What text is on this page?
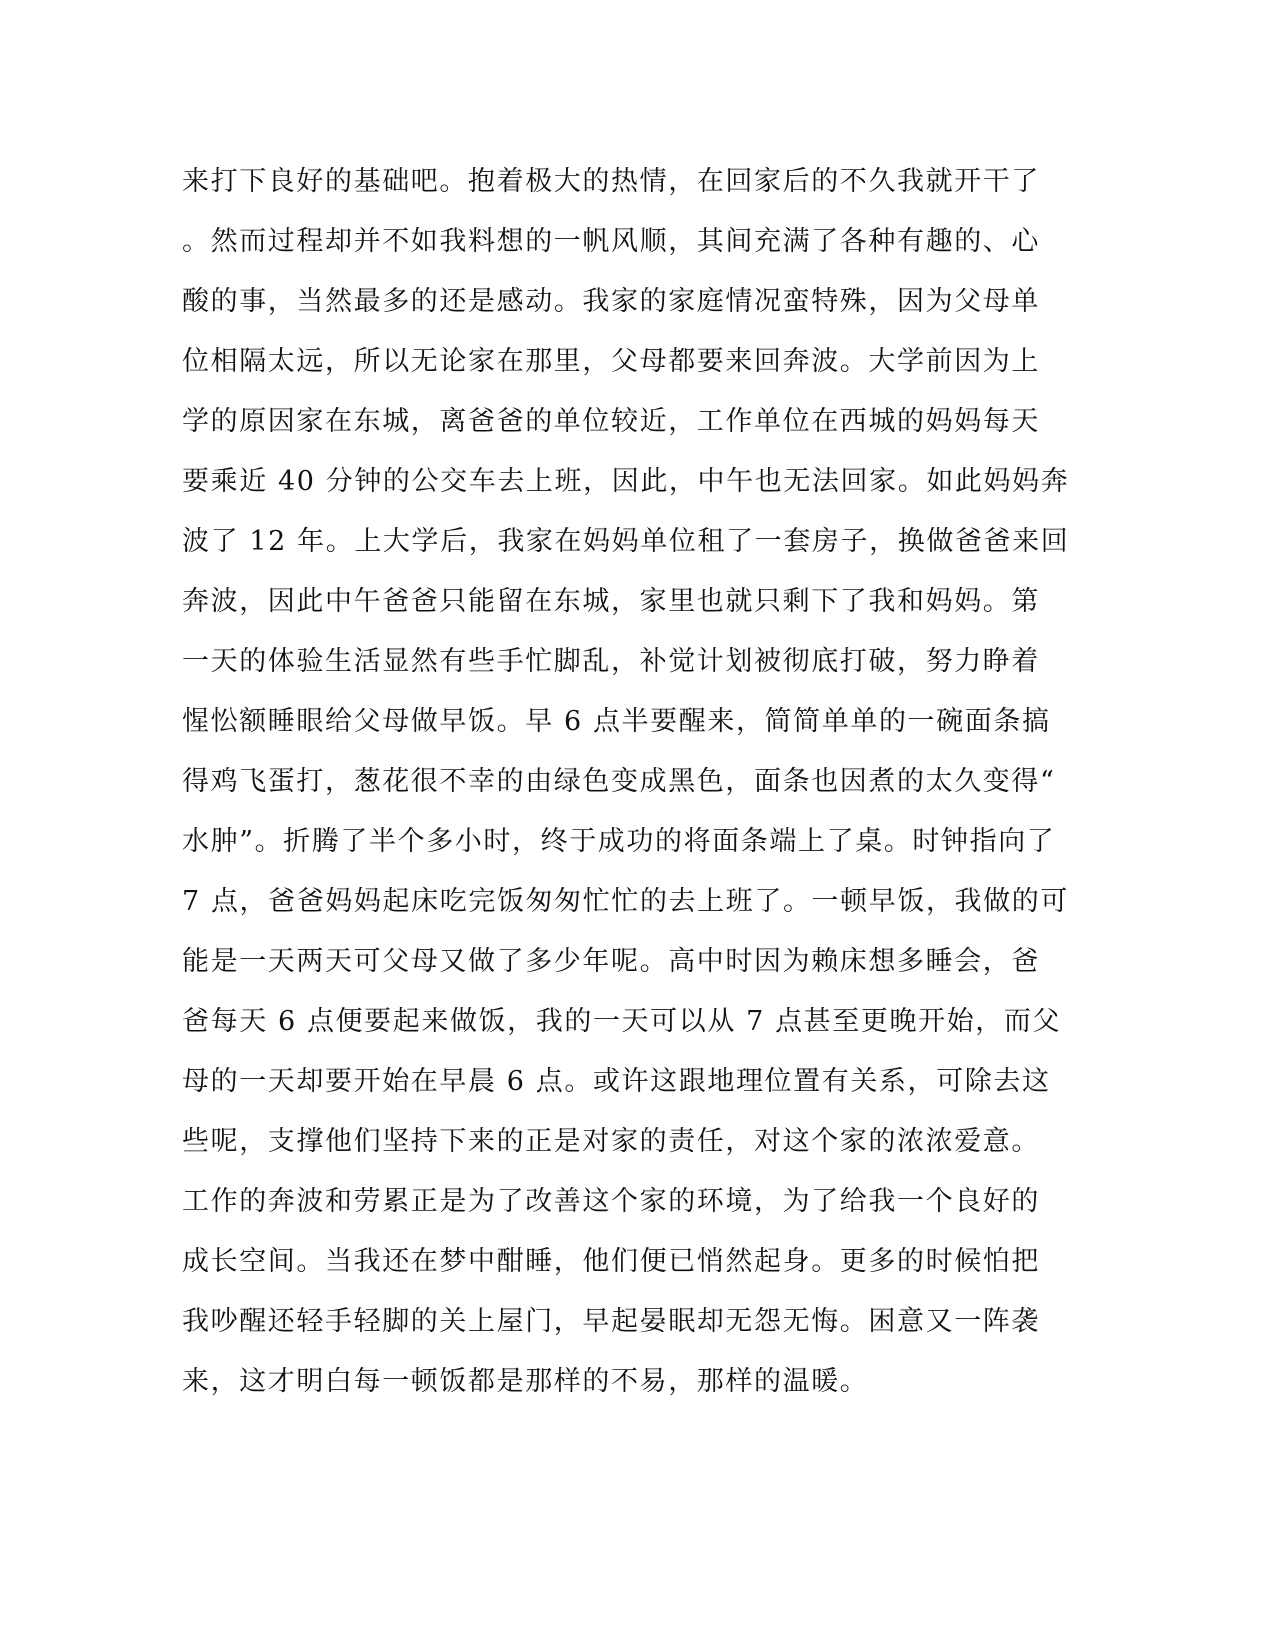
来打下良好的基础吧。抱着极大的热情，在回家后的不久我就开干了
。然而过程却并不如我料想的一帆风顺，其间充满了各种有趣的、心
酸的事，当然最多的还是感动。我家的家庭情况蛮特殊，因为父母单
位相隔太远，所以无论家在那里，父母都要来回奔波。大学前因为上
学的原因家在东城，离爸爸的单位较近，工作单位在西城的妈妈每天
要乘近 40 分钟的公交车去上班，因此，中午也无法回家。如此妈妈奔
波了 12 年。上大学后，我家在妈妈单位租了一套房子，换做爸爸来回
奔波，因此中午爸爸只能留在东城，家里也就只剩下了我和妈妈。第
一天的体验生活显然有些手忙脚乱，补觉计划被彻底打破，努力睁着
惺忪额睡眼给父母做早饭。早 6 点半要醒来，简简单单的一碗面条搞
得鸡飞蛋打，葱花很不幸的由绿色变成黑色，面条也因煮的太久变得“
水肿”。折腾了半个多小时，终于成功的将面条端上了桌。时钟指向了
7 点，爸爸妈妈起床吃完饭匆匆忙忙的去上班了。一顿早饭，我做的可
能是一天两天可父母又做了多少年呢。高中时因为赖床想多睡会，爸
爸每天 6 点便要起来做饭，我的一天可以从 7 点甚至更晚开始，而父
母的一天却要开始在早晨 6 点。或许这跟地理位置有关系，可除去这
些呢，支撑他们坚持下来的正是对家的责任，对这个家的浓浓爱意。
工作的奔波和劳累正是为了改善这个家的环境，为了给我一个良好的
成长空间。当我还在梦中酣睡，他们便已悄然起身。更多的时候怕把
我吵醒还轻手轻脚的关上屋门，早起晏眠却无怨无悔。困意又一阵袭
来，这才明白每一顿饭都是那样的不易，那样的温暖。
